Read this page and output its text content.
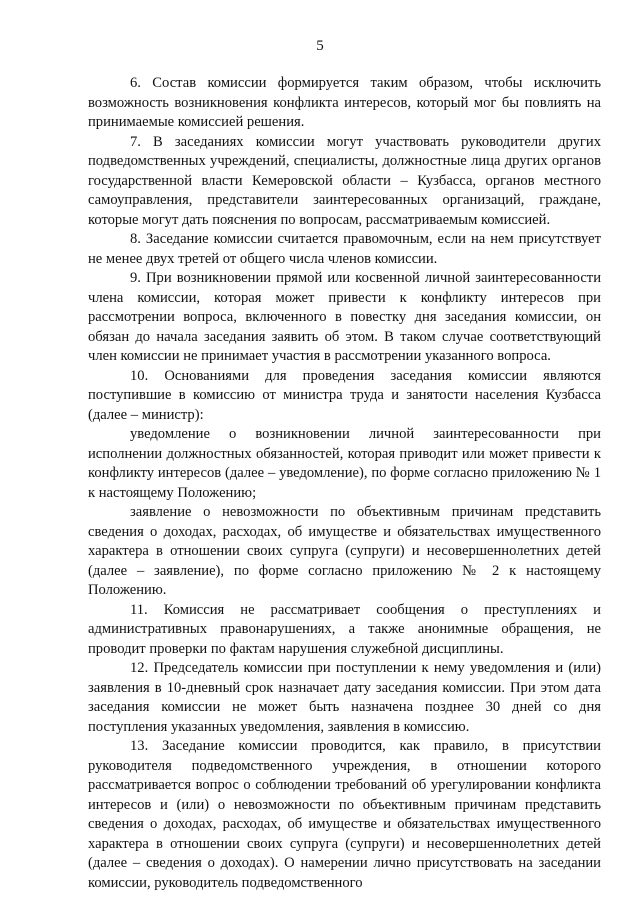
5

6. Состав комиссии формируется таким образом, чтобы исключить возможность возникновения конфликта интересов, который мог бы повлиять на принимаемые комиссией решения.

7. В заседаниях комиссии могут участвовать руководители других подведомственных учреждений, специалисты, должностные лица других органов государственной власти Кемеровской области – Кузбасса, органов местного самоуправления, представители заинтересованных организаций, граждане, которые могут дать пояснения по вопросам, рассматриваемым комиссией.

8. Заседание комиссии считается правомочным, если на нем присутствует не менее двух третей от общего числа членов комиссии.

9. При возникновении прямой или косвенной личной заинтересованности члена комиссии, которая может привести к конфликту интересов при рассмотрении вопроса, включенного в повестку дня заседания комиссии, он обязан до начала заседания заявить об этом. В таком случае соответствующий член комиссии не принимает участия в рассмотрении указанного вопроса.

10. Основаниями для проведения заседания комиссии являются поступившие в комиссию от министра труда и занятости населения Кузбасса (далее – министр):

уведомление о возникновении личной заинтересованности при исполнении должностных обязанностей, которая приводит или может привести к конфликту интересов (далее – уведомление), по форме согласно приложению № 1 к настоящему Положению;

заявление о невозможности по объективным причинам представить сведения о доходах, расходах, об имуществе и обязательствах имущественного характера в отношении своих супруга (супруги) и несовершеннолетних детей (далее – заявление), по форме согласно приложению № 2 к настоящему Положению.

11. Комиссия не рассматривает сообщения о преступлениях и административных правонарушениях, а также анонимные обращения, не проводит проверки по фактам нарушения служебной дисциплины.

12. Председатель комиссии при поступлении к нему уведомления и (или) заявления в 10-дневный срок назначает дату заседания комиссии. При этом дата заседания комиссии не может быть назначена позднее 30 дней со дня поступления указанных уведомления, заявления в комиссию.

13. Заседание комиссии проводится, как правило, в присутствии руководителя подведомственного учреждения, в отношении которого рассматривается вопрос о соблюдении требований об урегулировании конфликта интересов и (или) о невозможности по объективным причинам представить сведения о доходах, расходах, об имуществе и обязательствах имущественного характера в отношении своих супруга (супруги) и несовершеннолетних детей (далее – сведения о доходах). О намерении лично присутствовать на заседании комиссии, руководитель подведомственного
